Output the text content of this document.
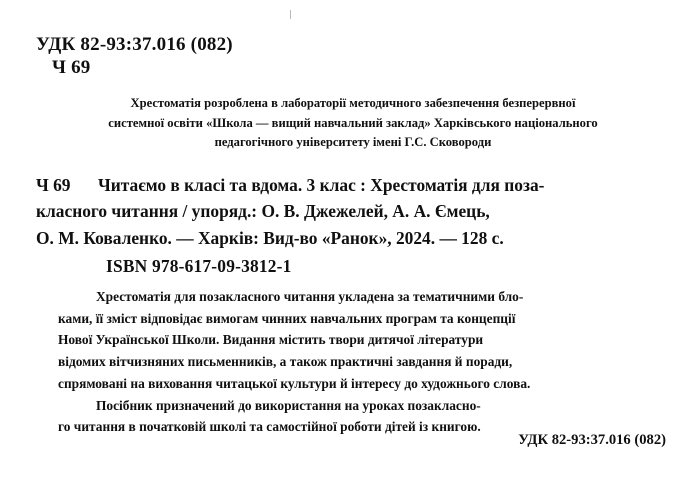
УДК 82-93:37.016 (082)
Ч 69
Хрестоматія розроблена в лабораторії методичного забезпечення безперервної
системної освіти «Школа — вищий навчальний заклад» Харківського національного
педагогічного університету імені Г.С. Сковороди
Ч 69 Читаємо в класі та вдома. 3 клас : Хрестоматія для поза-
класного читання / упоряд.: О. В. Джежелей, А. А. Ємець,
О. М. Коваленко. — Харків: Вид-во «Ранок», 2024. — 128 с.
ISBN 978-617-09-3812-1
Хрестоматія для позакласного читання укладена за тематичними бло-
ками, її зміст відповідає вимогам чинних навчальних програм та концепції
Нової Української Школи. Видання містить твори дитячої літератури
відомих вітчизняних письменників, а також практичні завдання й поради,
спрямовані на виховання читацької культури й інтересу до художнього слова.
Посібник призначений до використання на уроках позакласно-
го читання в початковій школі та самостійної роботи дітей із книгою.
УДК 82-93:37.016 (082)
